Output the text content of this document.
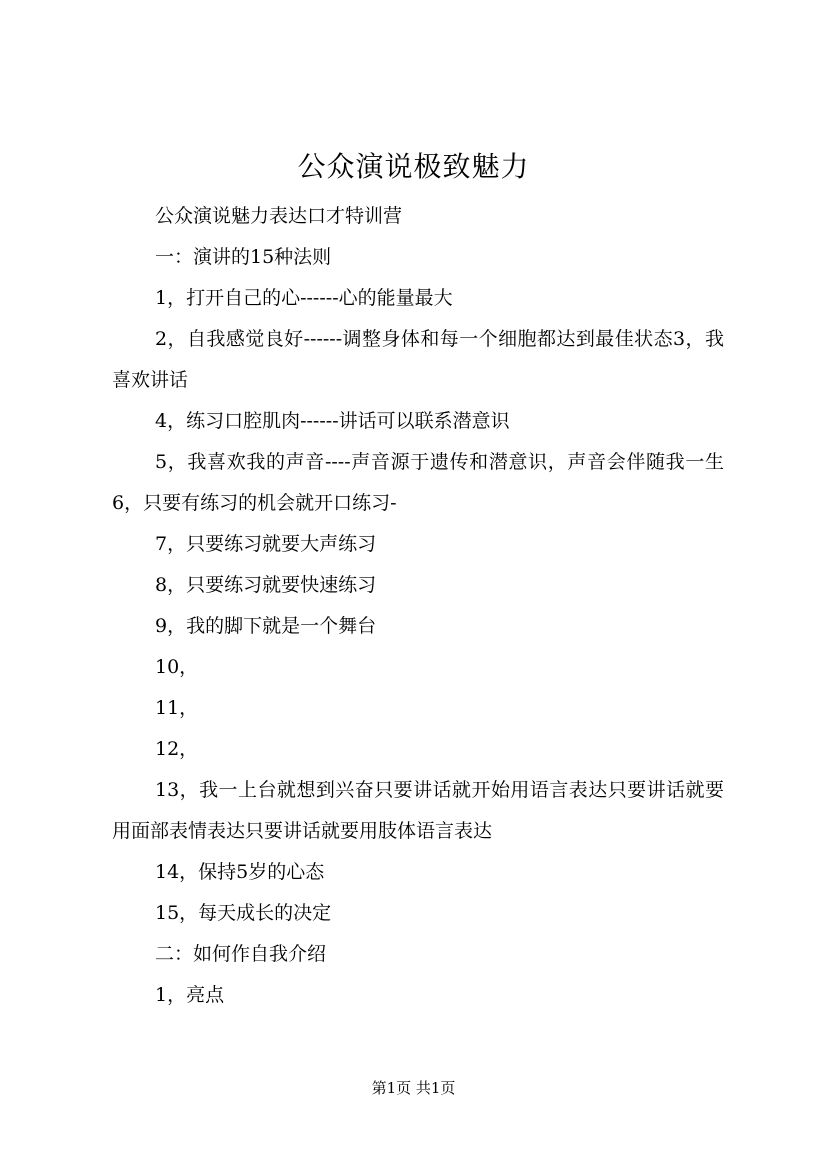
公众演说极致魅力

公众演说魅力表达口才特训营

一：演讲的15种法则

1，打开自己的心------心的能量最大

2，自我感觉良好------调整身体和每一个细胞都达到最佳状态3，我喜欢讲话

4，练习口腔肌肉------讲话可以联系潜意识

5，我喜欢我的声音----声音源于遗传和潜意识，声音会伴随我一生6，只要有练习的机会就开口练习-

7，只要练习就要大声练习

8，只要练习就要快速练习

9，我的脚下就是一个舞台

10，

11，

12，

13，我一上台就想到兴奋只要讲话就开始用语言表达只要讲话就要用面部表情表达只要讲话就要用肢体语言表达

14，保持5岁的心态

15，每天成长的决定

二：如何作自我介绍

1，亮点

第1页 共1页
